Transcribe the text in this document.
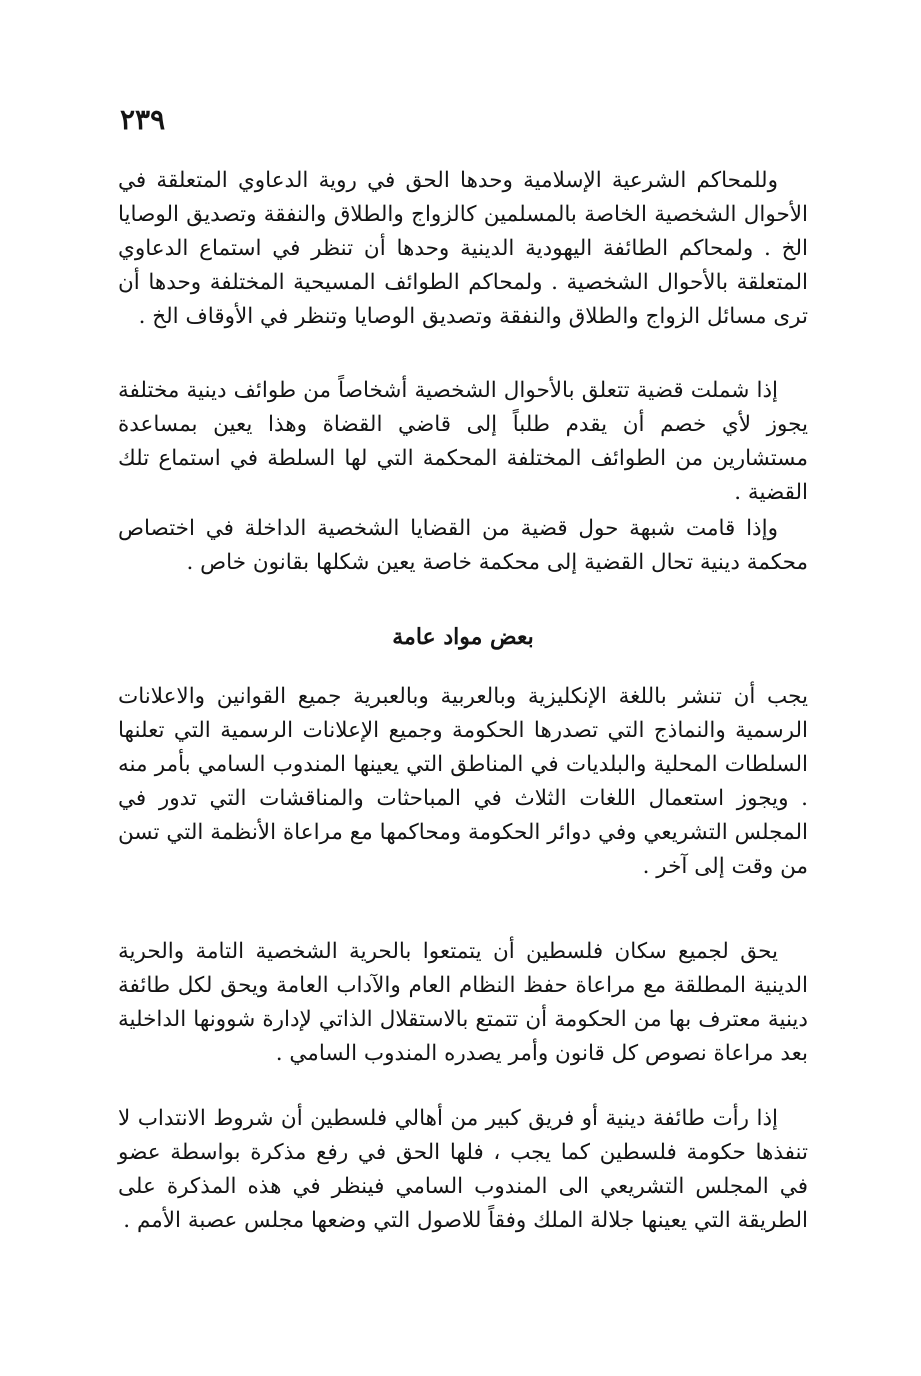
٢٣٩

وللمحاكم الشرعية الإسلامية وحدها الحق في روية الدعاوي المتعلقة في الأحوال الشخصية الخاصة بالمسلمين كالزواج والطلاق والنفقة وتصديق الوصايا الخ . ولمحاكم الطائفة اليهودية الدينية وحدها أن تنظر في استماع الدعاوي المتعلقة بالأحوال الشخصية . ولمحاكم الطوائف المسيحية المختلفة وحدها أن ترى مسائل الزواج والطلاق والنفقة وتصديق الوصايا وتنظر في الأوقاف الخ .

إذا شملت قضية تتعلق بالأحوال الشخصية أشخاصاً من طوائف دينية مختلفة يجوز لأي خصم أن يقدم طلباً إلى قاضي القضاة وهذا يعين بمساعدة مستشارين من الطوائف المختلفة المحكمة التي لها السلطة في استماع تلك القضية .

وإذا قامت شبهة حول قضية من القضايا الشخصية الداخلة في اختصاص محكمة دينية تحال القضية إلى محكمة خاصة يعين شكلها بقانون خاص .

بعض مواد عامة

يجب أن تنشر باللغة الإنكليزية وبالعربية وبالعبرية جميع القوانين والاعلانات الرسمية والنماذج التي تصدرها الحكومة وجميع الإعلانات الرسمية التي تعلنها السلطات المحلية والبلديات في المناطق التي يعينها المندوب السامي بأمر منه . ويجوز استعمال اللغات الثلاث في المباحثات والمناقشات التي تدور في المجلس التشريعي وفي دوائر الحكومة ومحاكمها مع مراعاة الأنظمة التي تسن من وقت إلى آخر .

يحق لجميع سكان فلسطين أن يتمتعوا بالحرية الشخصية التامة والحرية الدينية المطلقة مع مراعاة حفظ النظام العام والآداب العامة ويحق لكل طائفة دينية معترف بها من الحكومة أن تتمتع بالاستقلال الذاتي لإدارة شوونها الداخلية بعد مراعاة نصوص كل قانون وأمر يصدره المندوب السامي .

إذا رأت طائفة دينية أو فريق كبير من أهالي فلسطين أن شروط الانتداب لا تنفذها حكومة فلسطين كما يجب ، فلها الحق في رفع مذكرة بواسطة عضو في المجلس التشريعي الى المندوب السامي فينظر في هذه المذكرة على الطريقة التي يعينها جلالة الملك وفقاً للاصول التي وضعها مجلس عصبة الأمم .
